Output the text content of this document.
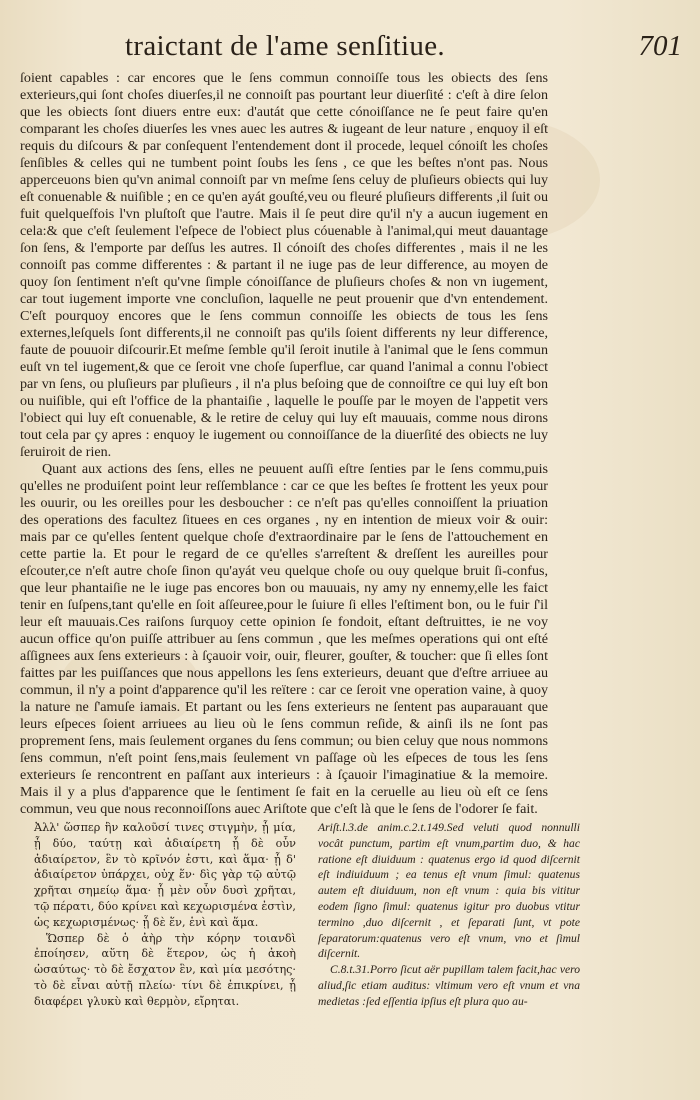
traictant de l'ame senſitiue.	701

ſoient capables : car encores que le ſens commun connoiſſe tous les obiects des ſens exterieurs,qui ſont choſes diuerſes,il ne connoiſt pas pourtant leur diuerſité : c'eſt à dire ſelon que les obiects ſont diuers entre eux: d'autát que cette cónoiſſance ne ſe peut faire qu'en comparant les choſes diuerſes les vnes auec les autres & iugeant de leur nature , enquoy il eſt requis du diſcours & par conſequent l'entendement dont il procede, lequel cónoiſt les choſes ſenſibles & celles qui ne tumbent point ſoubs les ſens , ce que les beſtes n'ont pas. Nous apperceuons bien qu'vn animal connoiſt par vn meſme ſens celuy de pluſieurs obiects qui luy eſt conuenable & nuiſible ; en ce qu'en ayát gouſté,veu ou fleuré pluſieurs differents ,il ſuit ou fuit quelqueſfois l'vn pluſtoſt que l'autre. Mais il ſe peut dire qu'il n'y a aucun iugement en cela:& que c'eſt ſeulement l'eſpece de l'obiect plus cóuenable à l'animal,qui meut dauantage ſon ſens, & l'emporte par deſſus les autres. Il cónoiſt des choſes differentes , mais il ne les connoiſt pas comme differentes : & partant il ne iuge pas de leur difference, au moyen de quoy ſon ſentiment n'eſt qu'vne ſimple cónoiſſance de pluſieurs choſes & non vn iugement, car tout iugement importe vne concluſion, laquelle ne peut prouenir que d'vn entendement. C'eſt pourquoy encores que le ſens commun connoiſſe les obiects de tous les ſens externes,leſquels ſont differents,il ne connoiſt pas qu'ils ſoient differents ny leur difference, faute de pouuoir diſcourir.Et meſme ſemble qu'il ſeroit inutile à l'animal que le ſens commun euſt vn tel iugement,& que ce ſeroit vne choſe ſuperflue, car quand l'animal a connu l'obiect par vn ſens, ou pluſieurs par pluſieurs , il n'a plus beſoing que de connoiſtre ce qui luy eſt bon ou nuiſible, qui eſt l'office de la phantaiſie , laquelle le pouſſe par le moyen de l'appetit vers l'obiect qui luy eſt conuenable, & le retire de celuy qui luy eſt mauuais, comme nous dirons tout cela par çy apres : enquoy le iugement ou connoiſſance de la diuerſité des obiects ne luy ſeruiroit de rien.

Quant aux actions des ſens, elles ne peuuent auſſi eſtre ſenties par le ſens commu,puis qu'elles ne produiſent point leur reſſemblance : car ce que les beſtes ſe frottent les yeux pour les ouurir, ou les oreilles pour les desboucher : ce n'eſt pas qu'elles connoiſſent la priuation des operations des facultez ſituees en ces organes , ny en intention de mieux voir & ouir: mais par ce qu'elles ſentent quelque choſe d'extraordinaire par le ſens de l'attouchement en cette partie la. Et pour le regard de ce qu'elles s'arreſtent & dreſſent les aureilles pour eſcouter,ce n'eſt autre choſe ſinon qu'ayát veu quelque choſe ou ouy quelque bruit ſi-confus, que leur phantaiſie ne le iuge pas encores bon ou mauuais, ny amy ny ennemy,elle les faict tenir en ſuſpens,tant qu'elle en ſoit aſſeuree,pour le ſuiure ſi elles l'eſtiment bon, ou le fuir ſ'il leur eſt mauuais.Ces raiſons ſurquoy cette opinion ſe fondoit, eſtant deſtruittes, ie ne voy aucun office qu'on puiſſe attribuer au ſens commun , que les meſmes operations qui ont eſté aſſignees aux ſens exterieurs : à ſçauoir voir, ouir, fleurer, gouſter, & toucher: que ſi elles ſont faittes par les puiſſances que nous appellons les ſens exterieurs, deuant que d'eſtre arriuee au commun, il n'y a point d'apparence qu'il les reïtere : car ce ſeroit vne operation vaine, à quoy la nature ne ſ'amuſe iamais. Et partant ou les ſens exterieurs ne ſentent pas auparauant que leurs eſpeces ſoient arriuees au lieu où le ſens commun reſide, & ainſi ils ne ſont pas proprement ſens, mais ſeulement organes du ſens commun; ou bien celuy que nous nommons ſens commun, n'eſt point ſens,mais ſeulement vn paſſage où les eſpeces de tous les ſens exterieurs ſe rencontrent en paſſant aux interieurs : à ſçauoir l'imaginatiue & la memoire. Mais il y a plus d'apparence que le ſentiment ſe fait en la ceruelle au lieu où eſt ce ſens commun, veu que nous reconnoiſſons auec Ariſtote que c'eſt là que le ſens de l'odorer ſe fait.

Ἀλλ' ὥσπερ ἣν καλοῦσί τινες στιγμὴν, ᾗ μία, ᾗ δύο, ταύτῃ καὶ ἀδιαίρετη ᾗ δὲ οὖν ἀδιαίρετον, ἓν τὸ κρῖνόν ἐστι, καὶ ἅμα· ᾗ δ' ἀδιαίρετον ὑπάρχει, οὐχ ἕν· δὶς γὰρ τῷ αὐτῷ χρῆται σημείῳ ἅμα· ᾗ μὲν οὖν δυσὶ χρῆται, τῷ πέρατι, δύο κρίνει καὶ κεχωρισμένα ἐστὶν, ὡς κεχωρισμένως· ᾗ δὲ ἕν, ἑνὶ καὶ ἅμα.

Ὥσπερ δὲ ὁ ἀὴρ τὴν κόρην τοιανδὶ ἐποίησεν, αὕτη δὲ ἕτερον, ὡς ἡ ἀκοὴ ὡσαύτως· τὸ δὲ ἔσχατον ἓν, καὶ μία μεσότης· τὸ δὲ εἶναι αὐτῇ πλείω· τίνι δὲ ἐπικρίνει, ᾗ διαφέρει γλυκὺ καὶ θερμὸν, εἴρηται.

Ariſt.l.3.de anim.c.2.t.149.Sed veluti quod nonnulli vocât punctum, partim eſt vnum,partim duo, & hac ratione eſt diuiduum : quatenus ergo id quod diſcernit eſt indiuiduum ; ea tenus eſt vnum ſimul: quatenus autem eſt diuiduum, non eſt vnum : quia bis vititur eodem ſigno ſimul: quatenus igitur pro duobus vtitur termino ,duo diſcernit , et ſeparati ſunt, vt pote ſeparatorum:quatenus vero eſt vnum, vno et ſimul diſcernit.

C.8.t.31.Porro ſicut aër pupillam talem facit,hac vero aliud,ſic etiam auditus: vltimum vero eſt vnum et vna medietas :ſed eſſentia ipſius eſt plura quo au-
